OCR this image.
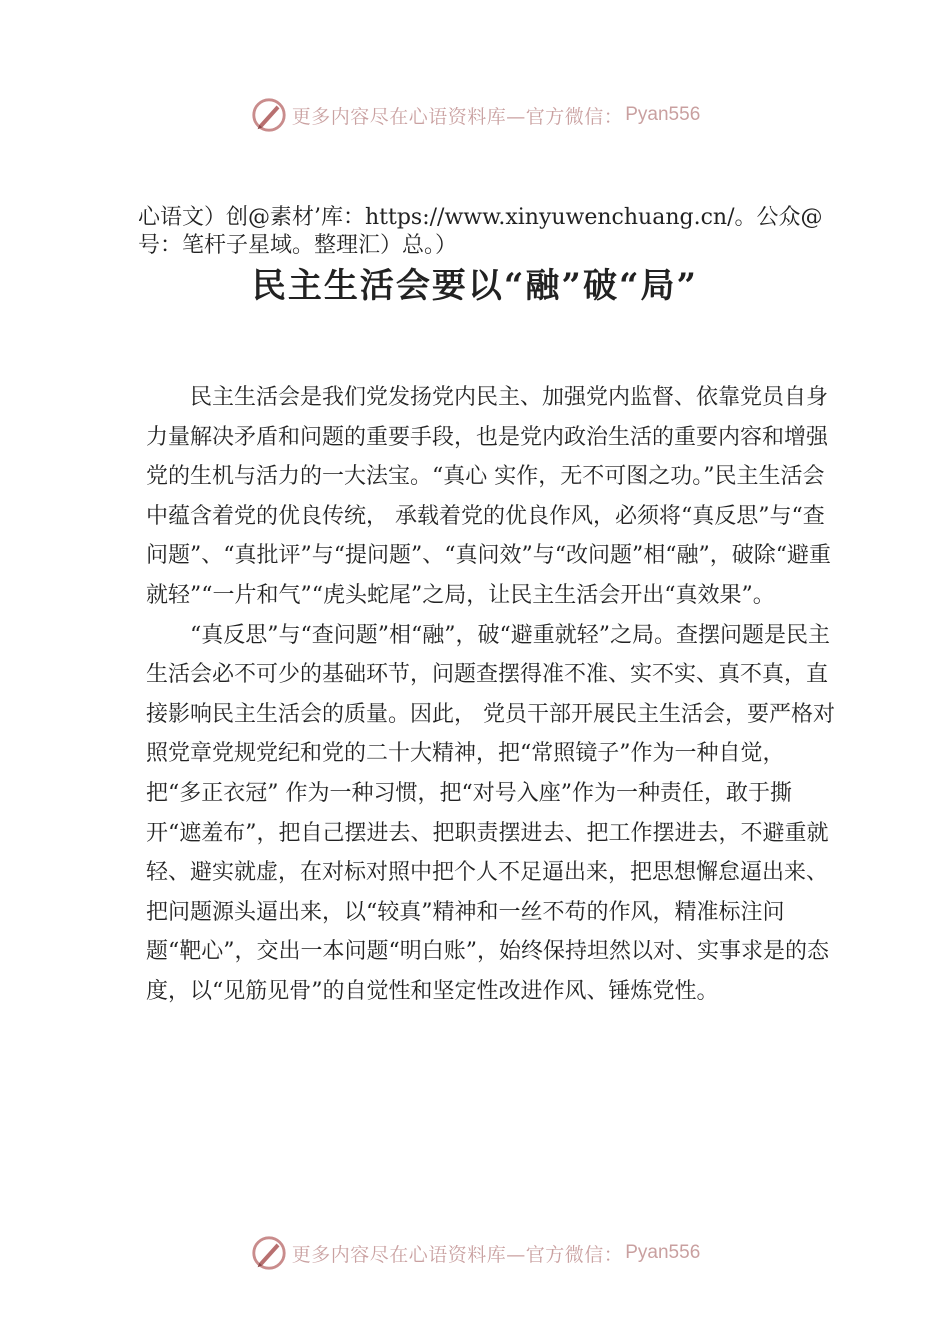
更多内容尽在心语资料库—官方微信： Pyan556
心语文）创@素材’库：https://www.xinyuwenchuang.cn/。公众@号：笔杆子星域。整理汇）总。）
民主生活会要以“融”破“局”

民主生活会是我们党发扬党内民主、加强党内监督、依靠党员自身力量解决矛盾和问题的重要手段，也是党内政治生活的重要内容和增强党的生机与活力的一大法宝。“真心 实作，无不可图之功。”民主生活会中蕴含着党的优良传统， 承载着党的优良作风，必须将“真反思”与“查问题”、“真批评”与“提问题”、“真问效”与“改问题”相“融”，破除“避重就轻”“一片和气”“虎头蛇尾”之局，让民主生活会开出“真效果”。

“真反思”与“查问题”相“融”，破“避重就轻”之局。查摆问题是民主生活会必不可少的基础环节，问题查摆得准不准、实不实、真不真，直接影响民主生活会的质量。因此， 党员干部开展民主生活会，要严格对照党章党规党纪和党的二十大精神，把“常照镜子”作为一种自觉，把“多正衣冠” 作为一种习惯，把“对号入座”作为一种责任，敢于撕开“遮羞布”，把自己摆进去、把职责摆进去、把工作摆进去，不避重就轻、避实就虚，在对标对照中把个人不足逼出来，把思想懈怠逼出来、把问题源头逼出来，以“较真”精神和一丝不苟的作风，精准标注问题“靶心”，交出一本问题“明白账”，始终保持坦然以对、实事求是的态度，以“见筋见骨”的自觉性和坚定性改进作风、锤炼党性。

更多内容尽在心语资料库—官方微信： Pyan556
